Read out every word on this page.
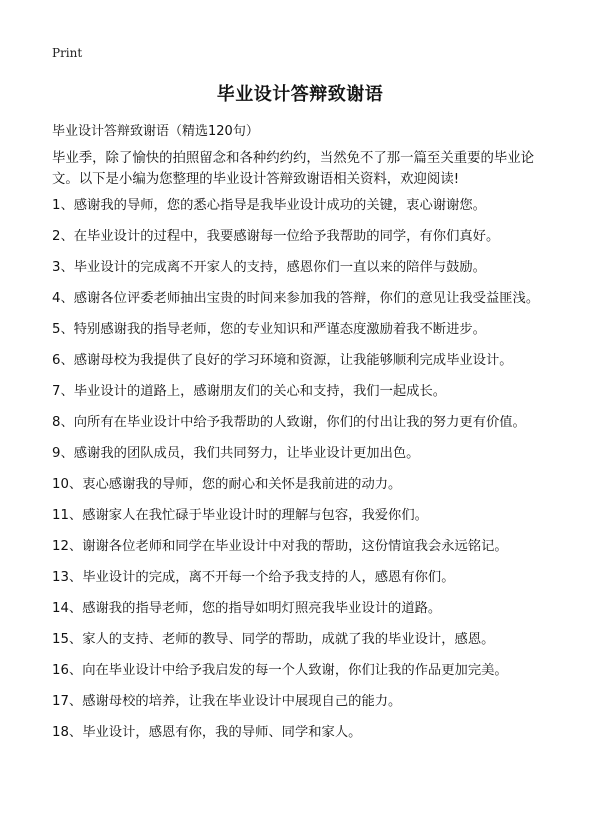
Print
毕业设计答辩致谢语

毕业设计答辩致谢语（精选120句）

毕业季，除了愉快的拍照留念和各种约约约，当然免不了那一篇至关重要的毕业论文。以下是小编为您整理的毕业设计答辩致谢语相关资料，欢迎阅读!

1、感谢我的导师，您的悉心指导是我毕业设计成功的关键，衷心谢谢您。
2、在毕业设计的过程中，我要感谢每一位给予我帮助的同学，有你们真好。
3、毕业设计的完成离不开家人的支持，感恩你们一直以来的陪伴与鼓励。
4、感谢各位评委老师抽出宝贵的时间来参加我的答辩，你们的意见让我受益匪浅。
5、特别感谢我的指导老师，您的专业知识和严谨态度激励着我不断进步。
6、感谢母校为我提供了良好的学习环境和资源，让我能够顺利完成毕业设计。
7、毕业设计的道路上，感谢朋友们的关心和支持，我们一起成长。
8、向所有在毕业设计中给予我帮助的人致谢，你们的付出让我的努力更有价值。
9、感谢我的团队成员，我们共同努力，让毕业设计更加出色。
10、衷心感谢我的导师，您的耐心和关怀是我前进的动力。
11、感谢家人在我忙碌于毕业设计时的理解与包容，我爱你们。
12、谢谢各位老师和同学在毕业设计中对我的帮助，这份情谊我会永远铭记。
13、毕业设计的完成，离不开每一个给予我支持的人，感恩有你们。
14、感谢我的指导老师，您的指导如明灯照亮我毕业设计的道路。
15、家人的支持、老师的教导、同学的帮助，成就了我的毕业设计，感恩。
16、向在毕业设计中给予我启发的每一个人致谢，你们让我的作品更加完美。
17、感谢母校的培养，让我在毕业设计中展现自己的能力。
18、毕业设计，感恩有你，我的导师、同学和家人。
